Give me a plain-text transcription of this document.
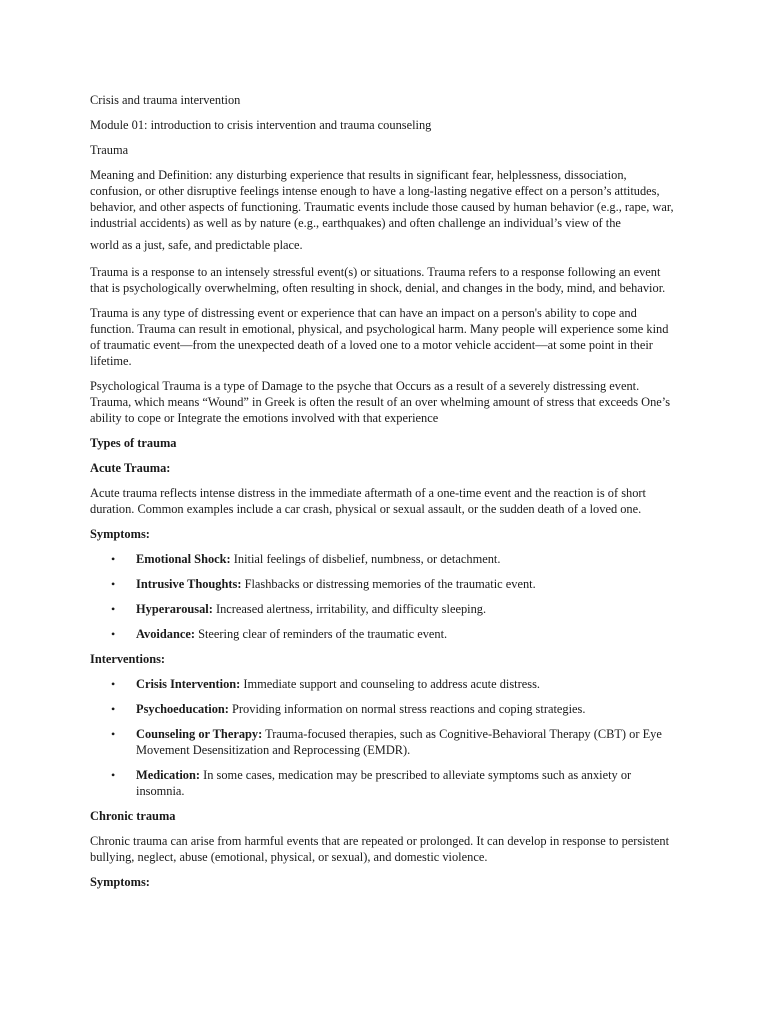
Crisis and trauma intervention

Module 01: introduction to crisis intervention and trauma counseling

Trauma

Meaning and Definition: any disturbing experience that results in significant fear, helplessness, dissociation, confusion, or other disruptive feelings intense enough to have a long-lasting negative effect on a person’s attitudes, behavior, and other aspects of functioning. Traumatic events include those caused by human behavior (e.g., rape, war, industrial accidents) as well as by nature (e.g., earthquakes) and often challenge an individual’s view of the

world as a just, safe, and predictable place.

Trauma is a response to an intensely stressful event(s) or situations. Trauma refers to a response following an event that is psychologically overwhelming, often resulting in shock, denial, and changes in the body, mind, and behavior.

Trauma is any type of distressing event or experience that can have an impact on a person's ability to cope and function. Trauma can result in emotional, physical, and psychological harm. Many people will experience some kind of traumatic event—from the unexpected death of a loved one to a motor vehicle accident—at some point in their lifetime.

Psychological Trauma is a type of Damage to the psyche that Occurs as a result of a severely distressing event. Trauma, which means “Wound” in Greek is often the result of an over whelming amount of stress that exceeds One’s ability to cope or Integrate the emotions involved with that experience

Types of trauma

Acute Trauma:

Acute trauma reflects intense distress in the immediate aftermath of a one-time event and the reaction is of short duration. Common examples include a car crash, physical or sexual assault, or the sudden death of a loved one.

Symptoms:

• Emotional Shock: Initial feelings of disbelief, numbness, or detachment.
• Intrusive Thoughts: Flashbacks or distressing memories of the traumatic event.
• Hyperarousal: Increased alertness, irritability, and difficulty sleeping.
• Avoidance: Steering clear of reminders of the traumatic event.

Interventions:

• Crisis Intervention: Immediate support and counseling to address acute distress.
• Psychoeducation: Providing information on normal stress reactions and coping strategies.
• Counseling or Therapy: Trauma-focused therapies, such as Cognitive-Behavioral Therapy (CBT) or Eye Movement Desensitization and Reprocessing (EMDR).
• Medication: In some cases, medication may be prescribed to alleviate symptoms such as anxiety or insomnia.

Chronic trauma

Chronic trauma can arise from harmful events that are repeated or prolonged. It can develop in response to persistent bullying, neglect, abuse (emotional, physical, or sexual), and domestic violence.

Symptoms:
